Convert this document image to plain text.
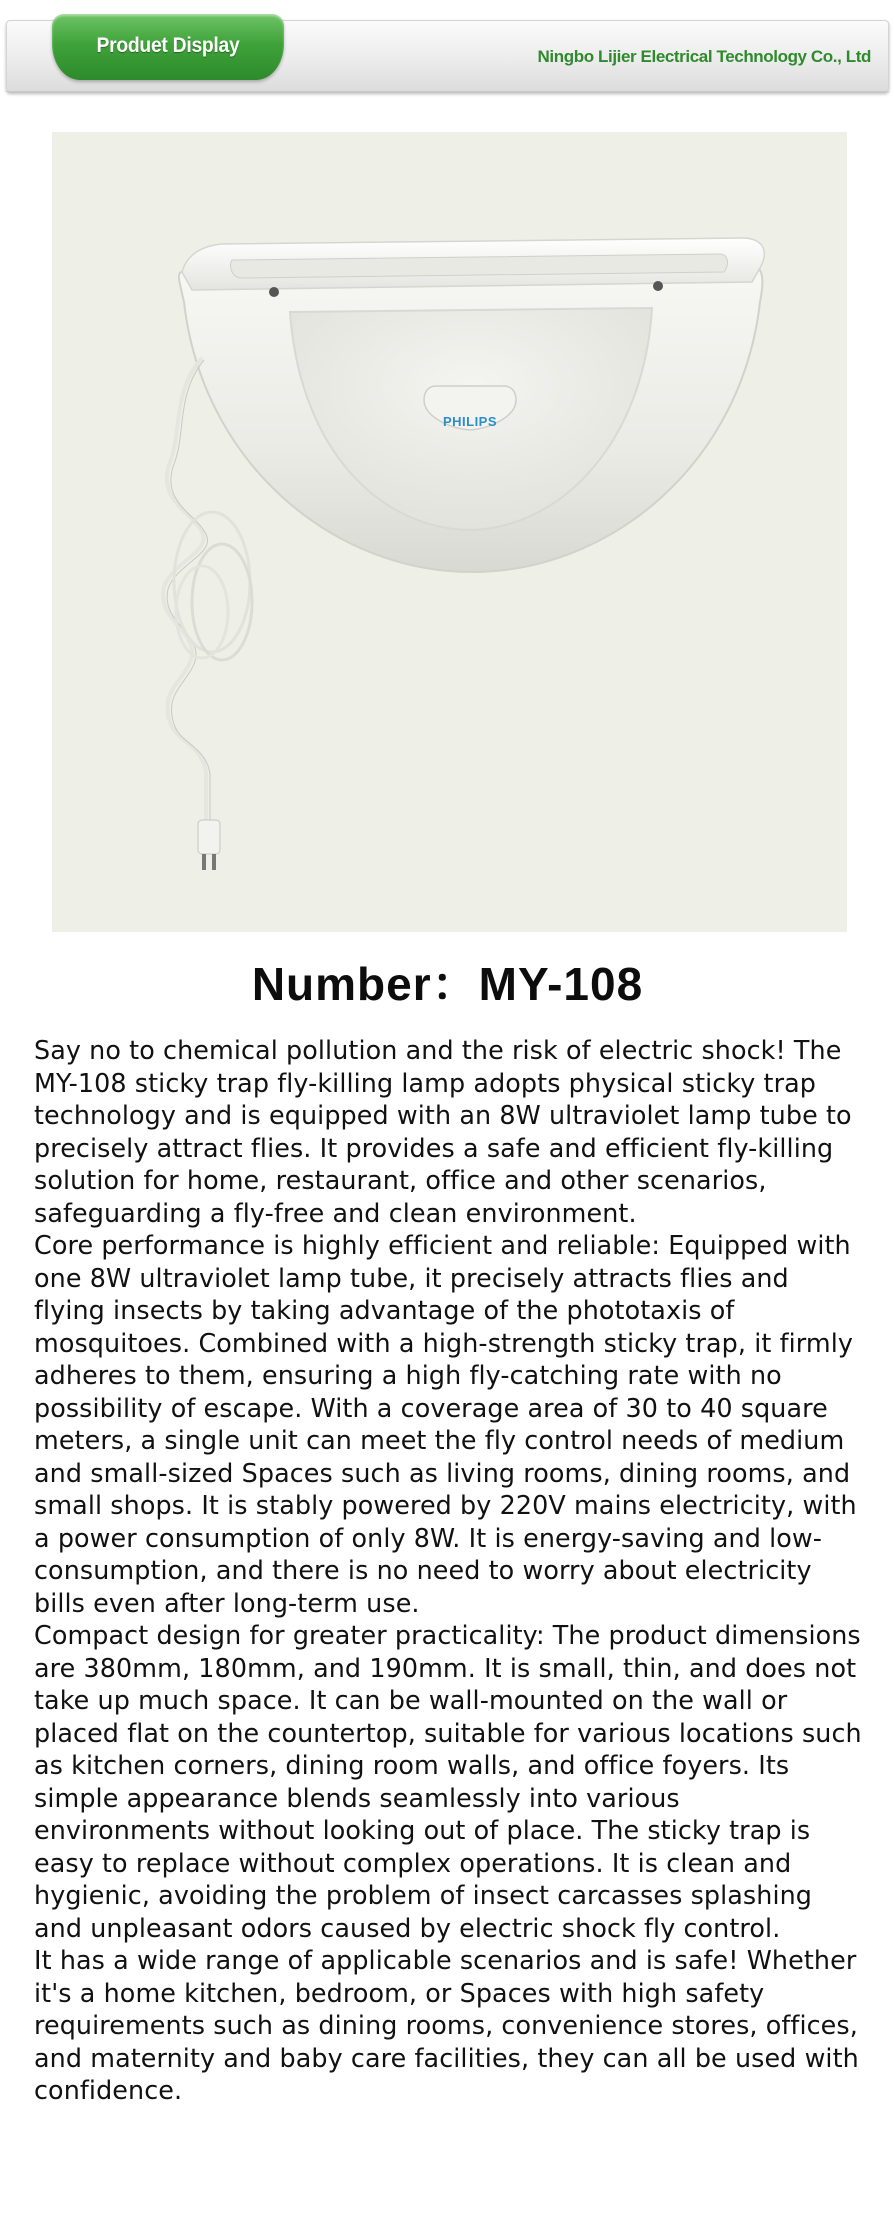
Produet Display	Ningbo Lijier Electrical Technology Co., Ltd
PHILIPS
Number：MY-108

Say no to chemical pollution and the risk of electric shock! The MY-108 sticky trap fly-killing lamp adopts physical sticky trap technology and is equipped with an 8W ultraviolet lamp tube to precisely attract flies. It provides a safe and efficient fly-killing solution for home, restaurant, office and other scenarios, safeguarding a fly-free and clean environment.

Core performance is highly efficient and reliable: Equipped with one 8W ultraviolet lamp tube, it precisely attracts flies and flying insects by taking advantage of the phototaxis of mosquitoes. Combined with a high-strength sticky trap, it firmly adheres to them, ensuring a high fly-catching rate with no possibility of escape. With a coverage area of 30 to 40 square meters, a single unit can meet the fly control needs of medium and small-sized Spaces such as living rooms, dining rooms, and small shops. It is stably powered by 220V mains electricity, with a power consumption of only 8W. It is energy-saving and low-consumption, and there is no need to worry about electricity bills even after long-term use.

Compact design for greater practicality: The product dimensions are 380mm, 180mm, and 190mm. It is small, thin, and does not take up much space. It can be wall-mounted on the wall or placed flat on the countertop, suitable for various locations such as kitchen corners, dining room walls, and office foyers. Its simple appearance blends seamlessly into various environments without looking out of place. The sticky trap is easy to replace without complex operations. It is clean and hygienic, avoiding the problem of insect carcasses splashing and unpleasant odors caused by electric shock fly control.

It has a wide range of applicable scenarios and is safe! Whether it's a home kitchen, bedroom, or Spaces with high safety requirements such as dining rooms, convenience stores, offices, and maternity and baby care facilities, they can all be used with confidence.
